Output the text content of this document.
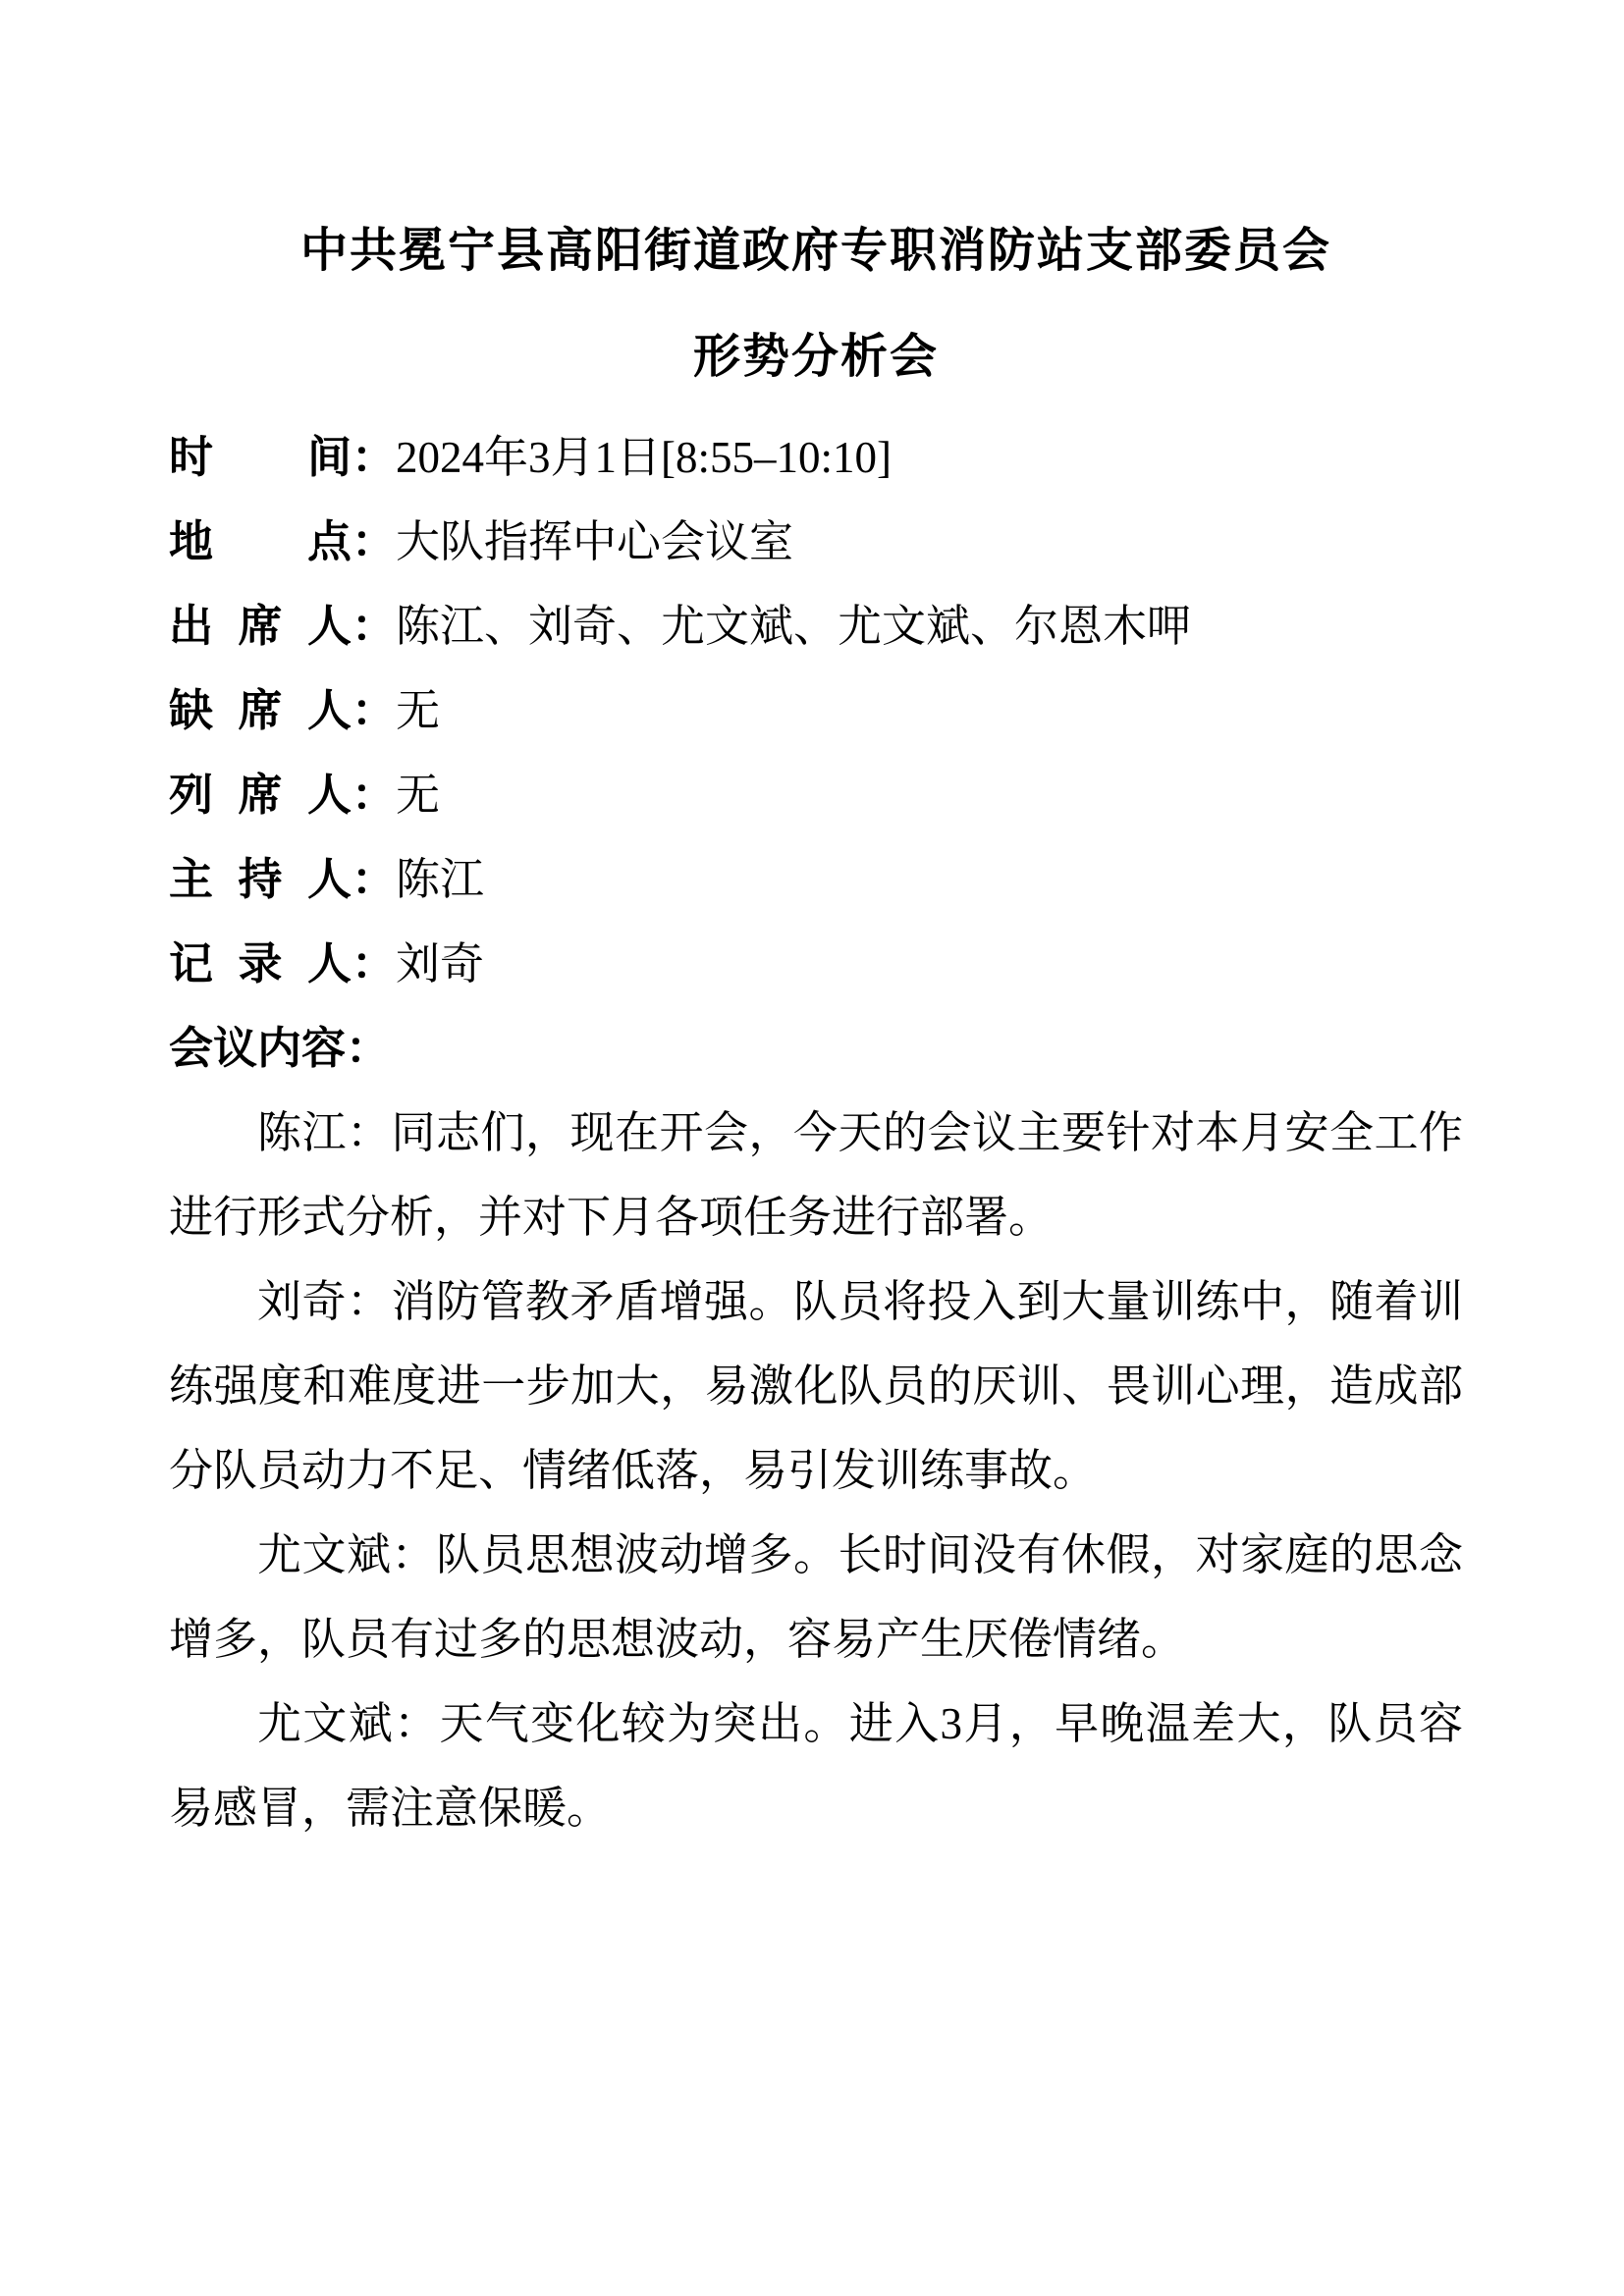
中共冕宁县高阳街道政府专职消防站支部委员会
形势分析会
时间：2024年3月1日[8:55–10:10]
地点：大队指挥中心会议室
出席人：陈江、刘奇、尤文斌、尤文斌、尔恩木呷
缺席人：无
列席人：无
主持人：陈江
记录人：刘奇
会议内容：

陈江：同志们，现在开会，今天的会议主要针对本月安全工作进行形式分析，并对下月各项任务进行部署。

刘奇：消防管教矛盾增强。队员将投入到大量训练中，随着训练强度和难度进一步加大，易激化队员的厌训、畏训心理，造成部分队员动力不足、情绪低落，易引发训练事故。

尤文斌：队员思想波动增多。长时间没有休假，对家庭的思念增多，队员有过多的思想波动，容易产生厌倦情绪。

尤文斌：天气变化较为突出。进入3月，早晚温差大，队员容易感冒，需注意保暖。
